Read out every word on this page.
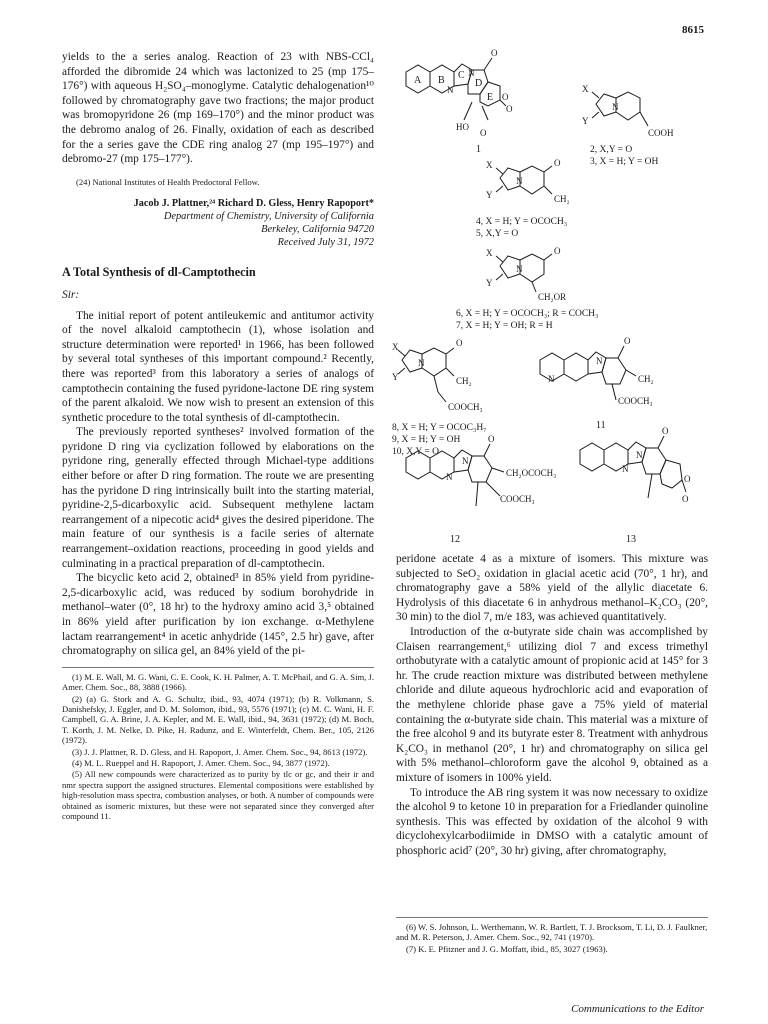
8615

yields to the a series analog. Reaction of 23 with NBS-CCl₄ afforded the dibromide 24 which was lactonized to 25 (mp 175–176°) with aqueous H₂SO₄–monoglyme. Catalytic dehalogenation¹⁰ followed by chromatography gave two fractions; the major product was bromopyridone 26 (mp 169–170°) and the minor product was the debromo analog of 26. Finally, oxidation of each as described for the a series gave the CDE ring analog 27 (mp 195–197°) and debromo-27 (mp 175–177°).

(24) National Institutes of Health Predoctoral Fellow.

Jacob J. Plattner,²⁴ Richard D. Gless, Henry Rapoport*
Department of Chemistry, University of California
Berkeley, California 94720
Received July 31, 1972
A Total Synthesis of dl-Camptothecin
Sir:

The initial report of potent antileukemic and antitumor activity of the novel alkaloid camptothecin (1), whose isolation and structure determination were reported¹ in 1966, has been followed by several total syntheses of this important compound.² Recently, there was reported³ from this laboratory a series of analogs of camptothecin containing the fused pyridone-lactone DE ring system of the parent alkaloid. We now wish to present an extension of this synthetic procedure to the total synthesis of dl-camptothecin.

The previously reported syntheses² involved formation of the pyridone D ring via cyclization followed by elaborations on the pyridone ring, generally effected through Michael-type additions either before or after D ring formation. The route we are presenting has the pyridone D ring intrinsically built into the starting material, pyridine-2,5-dicarboxylic acid. Subsequent methylene lactam rearrangement of a nipecotic acid⁴ gives the desired piperidone. The main feature of our synthesis is a facile series of alternate rearrangement–oxidation reactions, proceeding in good yields and culminating in a practical preparation of dl-camptothecin.

The bicyclic keto acid 2, obtained³ in 85% yield from pyridine-2,5-dicarboxylic acid, was reduced by sodium borohydride in methanol–water (0°, 18 hr) to the hydroxy amino acid 3,⁵ obtained in 86% yield after purification by ion exchange. α-Methylene lactam rearrangement⁴ in acetic anhydride (145°, 2.5 hr) gave, after chromatography on silica gel, an 84% yield of the pi-

(1) M. E. Wall, M. G. Wani, C. E. Cook, K. H. Palmer, A. T. McPhail, and G. A. Sim, J. Amer. Chem. Soc., 88, 3888 (1966).

(2) (a) G. Stork and A. G. Schultz, ibid., 93, 4074 (1971); (b) R. Volkmann, S. Danishefsky, J. Eggler, and D. M. Solomon, ibid., 93, 5576 (1971); (c) M. C. Wani, H. F. Campbell, G. A. Brine, J. A. Kepler, and M. E. Wall, ibid., 94, 3631 (1972); (d) M. Boch, T. Korth, J. M. Nelke, D. Pike, H. Radunz, and E. Winterfeldt, Chem. Ber., 105, 2126 (1972).

(3) J. J. Plattner, R. D. Gless, and H. Rapoport, J. Amer. Chem. Soc., 94, 8613 (1972).

(4) M. L. Rueppel and H. Rapoport, J. Amer. Chem. Soc., 94, 3877 (1972).

(5) All new compounds were characterized as to purity by tlc or gc, and their ir and nmr spectra support the assigned structures. Elemental compositions were established by high-resolution mass spectra, combustion analyses, or both. A number of compounds were obtained as isomeric mixtures, but these were not separated since they converged after compound 11.

A B C
D
E
N
N
O
O
O
HO
O
1
X
Y
N
COOH
2, X,Y = O
3, X = H; Y = OH
X
Y
N
O
CH₂
4, X = H; Y = OCOCH₃
5, X,Y = O
X
Y
N
O
CH₂OR
6, X = H; Y = OCOCH₃; R = COCH₃
7, X = H; Y = OH; R = H
X
Y
N
O
CH₂
COOCH₃
8, X = H; Y = OCOC₃H₇
9, X = H; Y = OH
10, X,Y = O
N
N
O
CH₂
COOCH₃
11
N
N
O
CH₂OCOCH₃
COOCH₃
12
N
N
O
O
O
13

peridone acetate 4 as a mixture of isomers. This mixture was subjected to SeO₂ oxidation in glacial acetic acid (70°, 1 hr), and chromatography gave a 58% yield of the allylic diacetate 6. Hydrolysis of this diacetate 6 in anhydrous methanol–K₂CO₃ (20°, 30 min) to the diol 7, m/e 183, was achieved quantitatively.

Introduction of the α-butyrate side chain was accomplished by Claisen rearrangement,⁶ utilizing diol 7 and excess trimethyl orthobutyrate with a catalytic amount of propionic acid at 145° for 3 hr. The crude reaction mixture was distributed between methylene chloride and dilute aqueous hydrochloric acid and evaporation of the methylene chloride phase gave a 75% yield of material containing the α-butyrate side chain. This material was a mixture of the free alcohol 9 and its butyrate ester 8. Treatment with anhydrous K₂CO₃ in methanol (20°, 1 hr) and chromatography on silica gel with 5% methanol–chloroform gave the alcohol 9, obtained as a mixture of isomers in 100% yield.

To introduce the AB ring system it was now necessary to oxidize the alcohol 9 to ketone 10 in preparation for a Friedlander quinoline synthesis. This was effected by oxidation of the alcohol 9 with dicyclohexylcarbodiimide in DMSO with a catalytic amount of phosphoric acid⁷ (20°, 30 hr) giving, after chromatography,

(6) W. S. Johnson, L. Werthemann, W. R. Bartlett, T. J. Brocksom, T. Li, D. J. Faulkner, and M. R. Peterson, J. Amer. Chem. Soc., 92, 741 (1970).

(7) K. E. Pfitzner and J. G. Moffatt, ibid., 85, 3027 (1963).

Communications to the Editor
